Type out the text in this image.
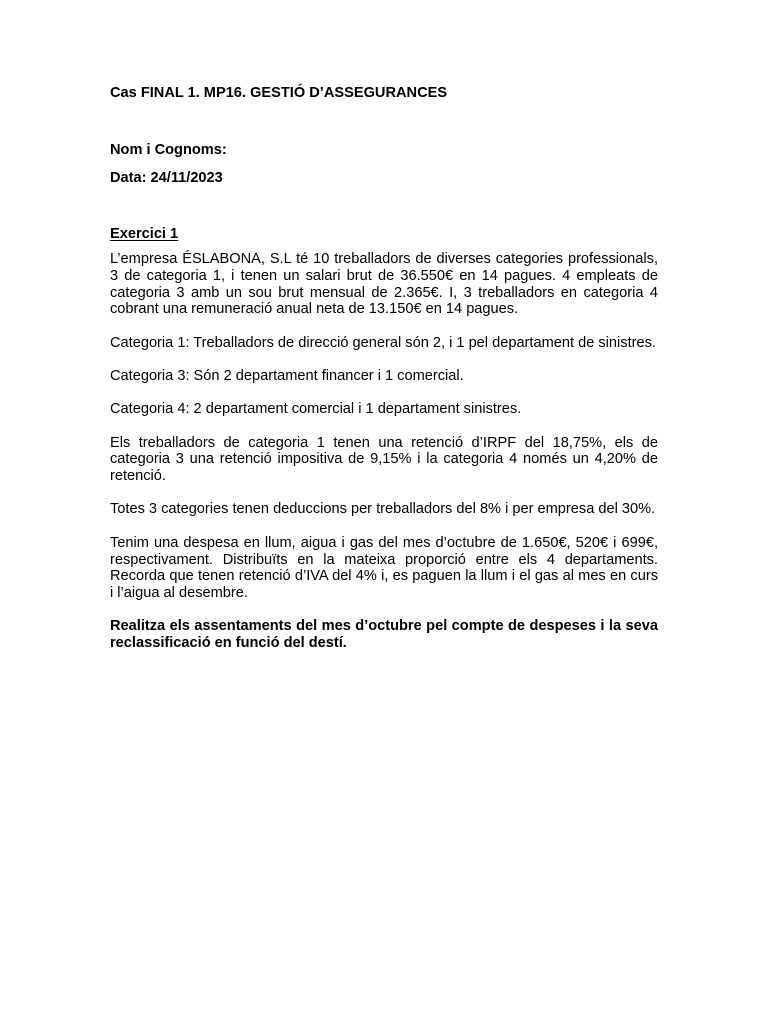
Cas FINAL 1. MP16. GESTIÓ D’ASSEGURANCES

Nom i Cognoms:

Data: 24/11/2023

Exercici 1

L’empresa ÉSLABONA, S.L té 10 treballadors de diverses categories professionals, 3 de categoria 1, i tenen un salari brut de 36.550€ en 14 pagues. 4 empleats de categoria 3 amb un sou brut mensual de 2.365€. I, 3 treballadors en categoria 4 cobrant una remuneració anual neta de 13.150€ en 14 pagues.

Categoria 1: Treballadors de direcció general són 2, i 1 pel departament de sinistres.

Categoria 3: Són 2 departament financer i 1 comercial.

Categoria 4: 2 departament comercial i 1 departament sinistres.

Els treballadors de categoria 1 tenen una retenció d’IRPF del 18,75%, els de categoria 3 una retenció impositiva de 9,15% i la categoria 4 només un 4,20% de retenció.

Totes 3 categories tenen deduccions per treballadors del 8% i per empresa del 30%.

Tenim una despesa en llum, aigua i gas del mes d’octubre de 1.650€, 520€ i 699€, respectivament. Distribuïts en la mateixa proporció entre els 4 departaments. Recorda que tenen retenció d’IVA del 4% i, es paguen la llum i el gas al mes en curs i l’aigua al desembre.

Realitza els assentaments del mes d’octubre pel compte de despeses i la seva reclassificació en funció del destí.
